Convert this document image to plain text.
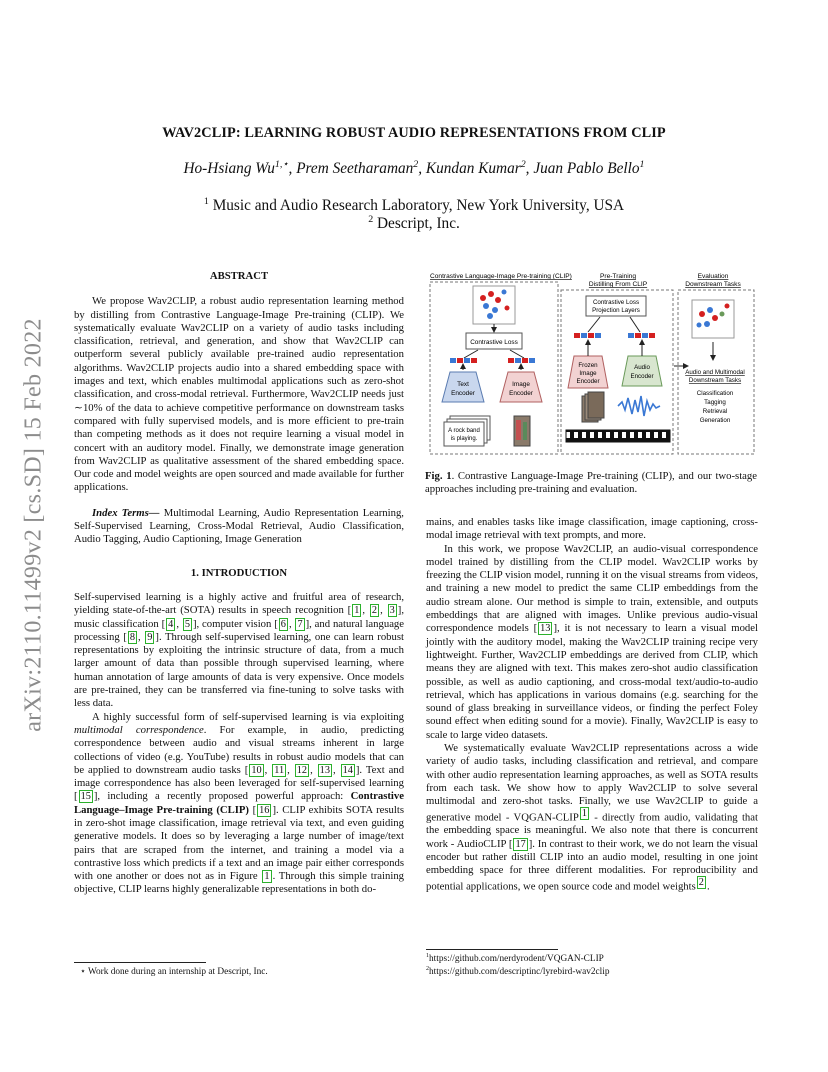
arXiv:2110.11499v2 [cs.SD] 15 Feb 2022
WAV2CLIP: LEARNING ROBUST AUDIO REPRESENTATIONS FROM CLIP
Ho-Hsiang $Wu^{1,⋆}$, Prem Seetharaman$^2$, Kundan Kumar$^2$, Juan Pablo Bello$^1$
$^1$ Music and Audio Research Laboratory, New York University, USA
$^2$ Descript, Inc.
ABSTRACT

We propose Wav2CLIP, a robust audio representation learning method by distilling from Contrastive Language-Image Pre-training (CLIP). We systematically evaluate Wav2CLIP on a variety of audio tasks including classification, retrieval, and generation, and show that Wav2CLIP can outperform several publicly available pre-trained audio representation algorithms. Wav2CLIP projects audio into a shared embedding space with images and text, which enables multimodal applications such as zero-shot classification, and cross-modal retrieval. Furthermore, Wav2CLIP needs just ∼10% of the data to achieve competitive performance on downstream tasks compared with fully supervised models, and is more efficient to pre-train than competing methods as it does not require learning a visual model in concert with an auditory model. Finally, we demonstrate image generation from Wav2CLIP as qualitative assessment of the shared embedding space. Our code and model weights are open sourced and made available for further applications.

Index Terms— Multimodal Learning, Audio Representation Learning, Self-Supervised Learning, Cross-Modal Retrieval, Audio Classification, Audio Tagging, Audio Captioning, Image Generation

1. INTRODUCTION

Self-supervised learning is a highly active and fruitful area of research, yielding state-of-the-art (SOTA) results in speech recognition [ 1 , 2 , 3 ], music classification [ 4 , 5 ], computer vision [ 6 , 7 ], and natural language processing [ 8 , 9 ]. Through self-supervised learning, one can learn robust representations by exploiting the intrinsic structure of data, from a much larger amount of data than possible through supervised learning, where human annotation of large amounts of data is very expensive. Once models are pre-trained, they can be transferred via fine-tuning to solve tasks with less data.

A highly successful form of self-supervised learning is via exploiting multimodal correspondence. For example, in audio, predicting correspondence between audio and visual streams inherent in large collections of video (e.g. YouTube) results in robust audio models that can be applied to downstream audio tasks [ 10 , 11 , 12 , 13 , 14 ]. Text and image correspondence has also been leveraged for self-supervised learning [ 15 ], including a recently proposed powerful approach: Contrastive Language–Image Pre-training (CLIP) [ 16 ]. CLIP exhibits SOTA results in zero-shot image classification, image retrieval via text, and even guiding generative models. It does so by leveraging a large number of image/text pairs that are scraped from the internet, and training a model via a contrastive loss which predicts if a text and an image pair either corresponds with one another or does not as in Figure 1 . Through this simple training objective, CLIP learns highly generalizable representations in both do-

⋆ Work done during an internship at Descript, Inc.
Contrastive Language-Image Pre-training (CLIP)	Pre-Training
Distilling From CLIP
Evaluation
Downstream Tasks
Contrastive Loss
Text
Encoder
Image
Encoder
A rock band
is playing.
Contrastive Loss
Projection Layers
Frozen
Image
Encoder
Audio
Encoder
Audio and Multimodal
Downstream Tasks
Classification
Tagging
Retrieval
Generation
Fig. 1. Contrastive Language-Image Pre-training (CLIP), and our two-stage approaches including pre-training and evaluation.

mains, and enables tasks like image classification, image captioning, cross-modal image retrieval with text prompts, and more.

In this work, we propose Wav2CLIP, an audio-visual correspondence model trained by distilling from the CLIP model. Wav2CLIP works by freezing the CLIP vision model, running it on the visual streams from videos, and training a new model to predict the same CLIP embeddings from the audio stream alone. Our method is simple to train, extensible, and outputs embeddings that are aligned with images. Unlike previous audio-visual correspondence models [ 13 ], it is not necessary to learn a visual model jointly with the auditory model, making the Wav2CLIP training recipe very lightweight. Further, Wav2CLIP embeddings are derived from CLIP, which means they are aligned with text. This makes zero-shot audio classification possible, as well as audio captioning, and cross-modal text/audio-to-audio retrieval, which has applications in various domains (e.g. searching for the sound of glass breaking in surveillance videos, or finding the perfect Foley sound effect when editing sound for a movie). Finally, Wav2CLIP is easy to scale to large video datasets.

We systematically evaluate Wav2CLIP representations across a wide variety of audio tasks, including classification and retrieval, and compare with other audio representation learning approaches, as well as SOTA results from each task. We show how to apply Wav2CLIP to solve several multimodal and zero-shot tasks. Finally, we use Wav2CLIP to guide a generative model - VQGAN-CLIP $^1$ - directly from audio, validating that the embedding space is meaningful. We also note that there is concurrent work - AudioCLIP [ 17 ]. In contrast to their work, we do not learn the visual encoder but rather distill CLIP into an audio model, resulting in one joint embedding space for three different modalities. For reproducibility and potential applications, we open source code and model weights $^2$ .

$^1$https://github.com/nerdyrodent/VQGAN-CLIP
$^2$https://github.com/descriptinc/lyrebird-wav2clip
